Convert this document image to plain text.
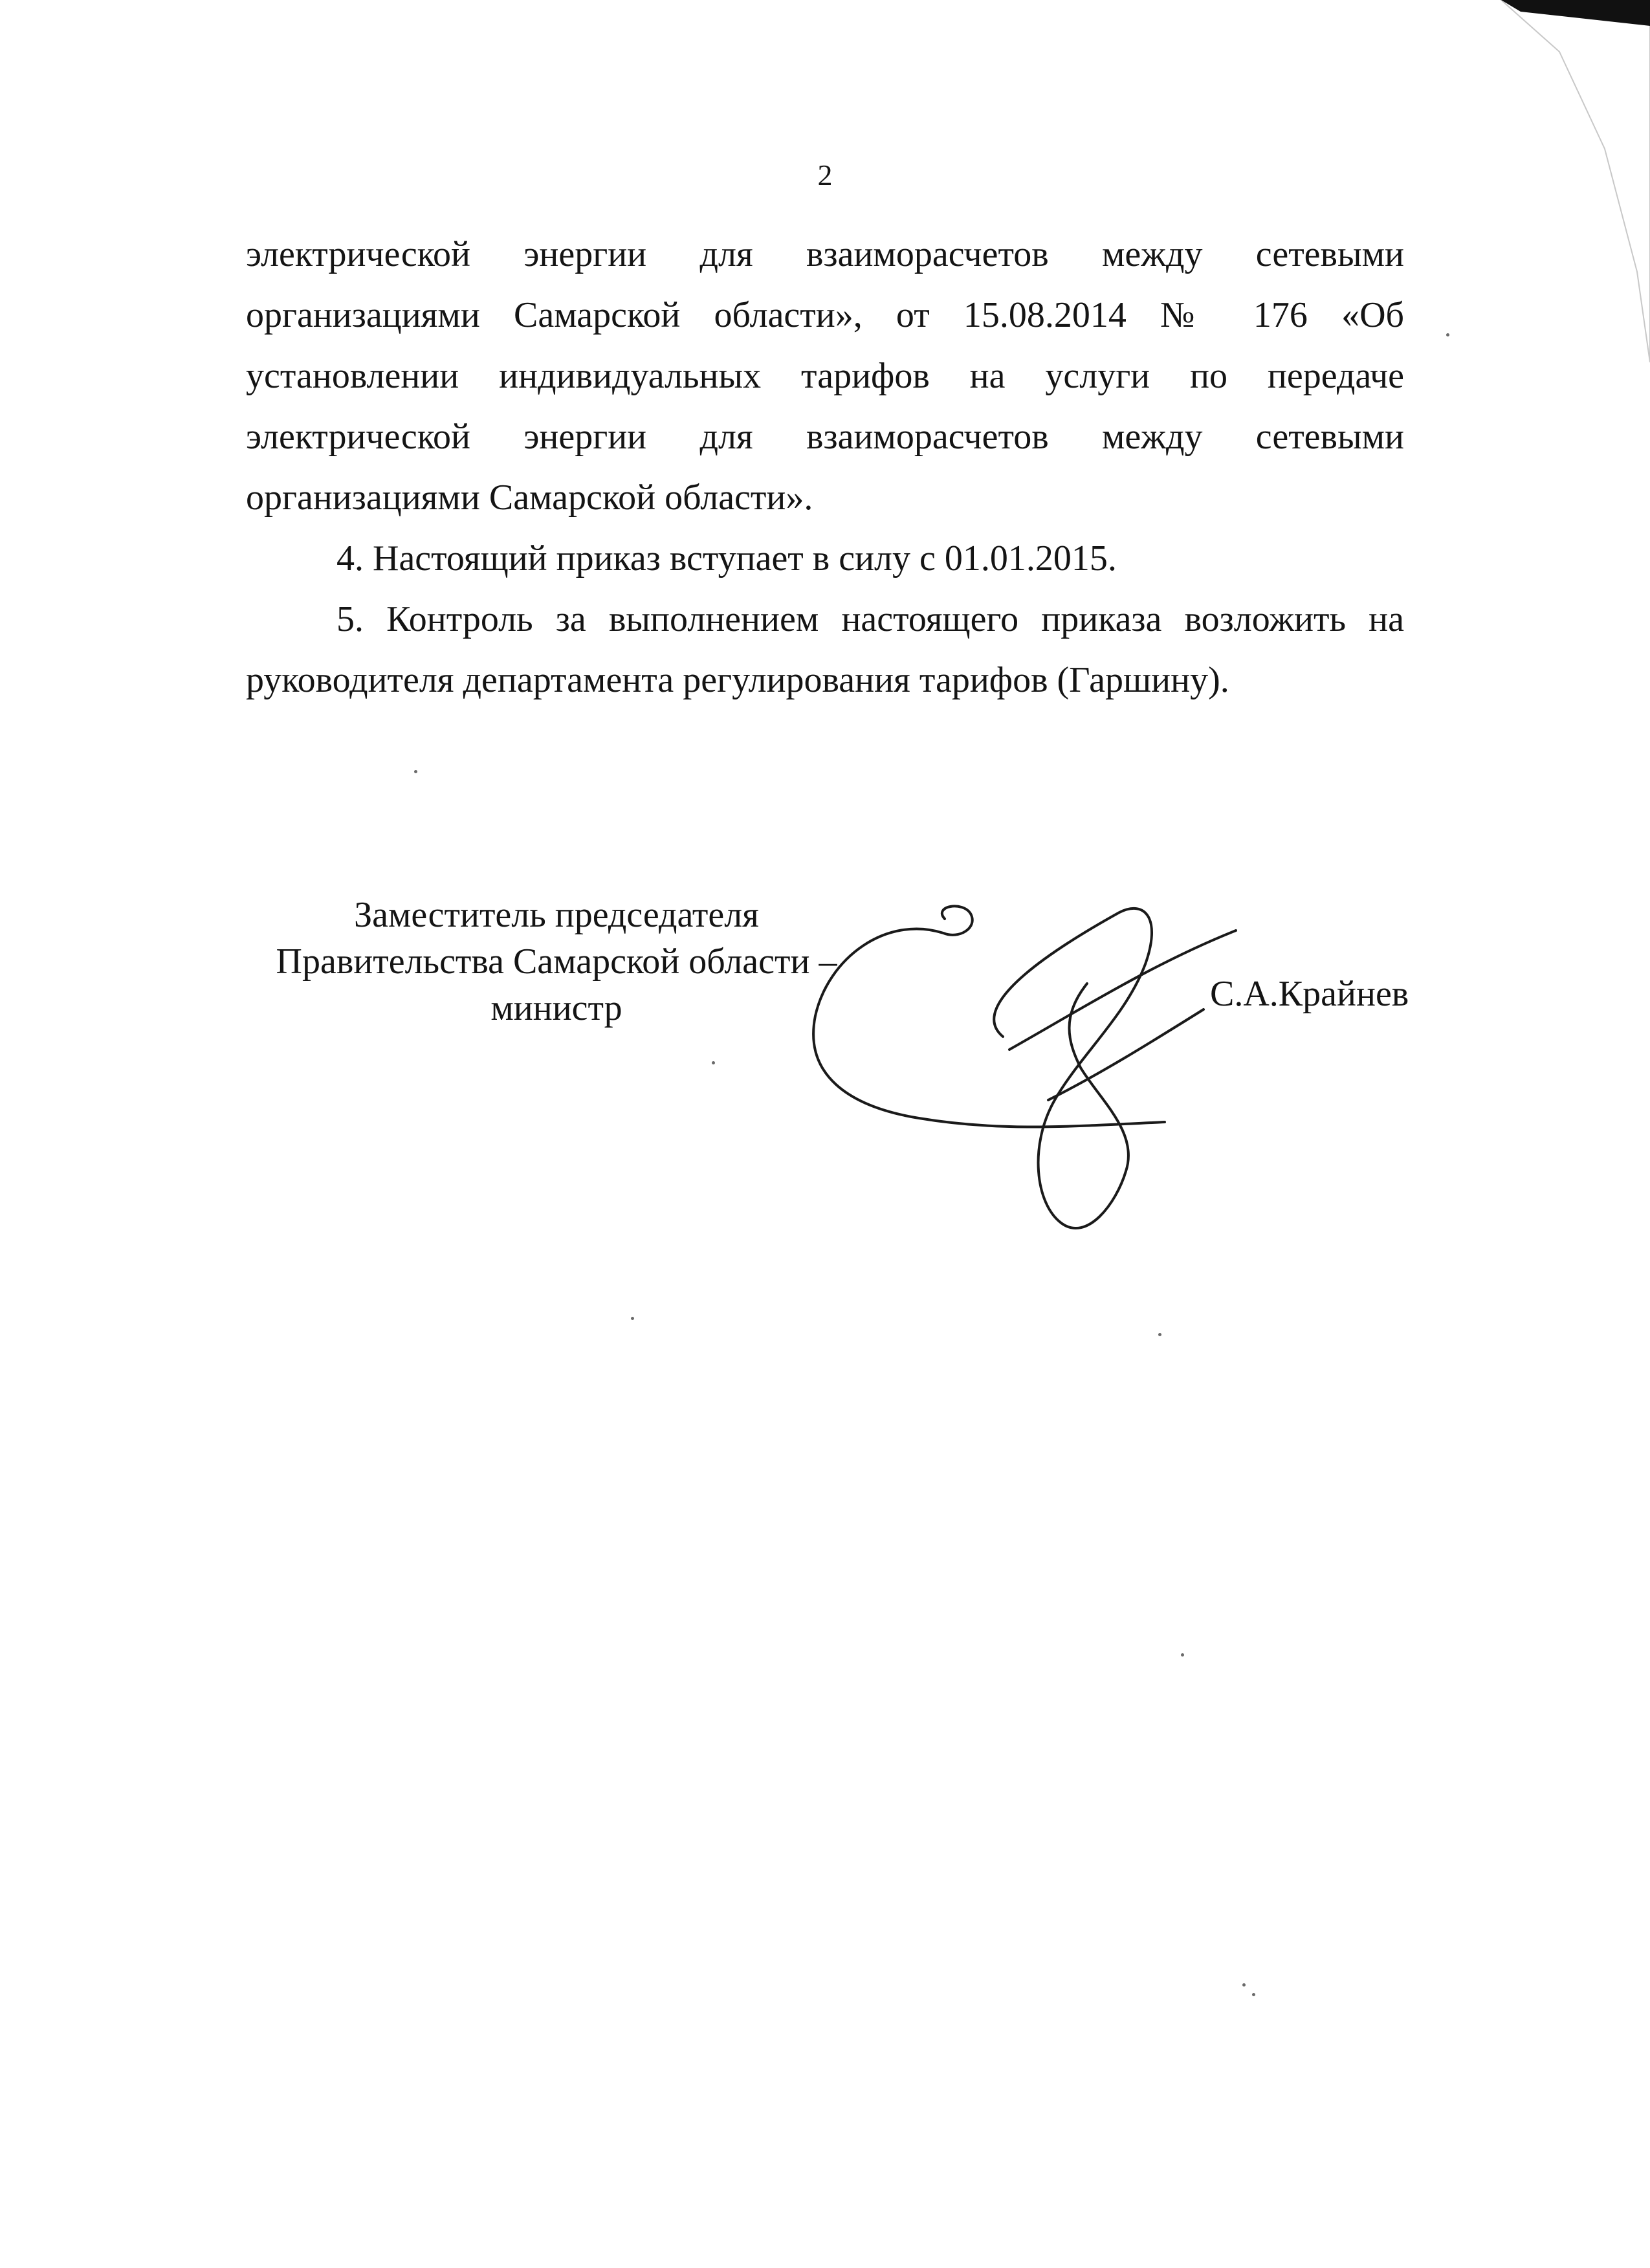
2

электрической энергии для взаиморасчетов между сетевыми
организациями Самарской области», от 15.08.2014 № 176 «Об
установлении индивидуальных тарифов на услуги по передаче
электрической энергии для взаиморасчетов между сетевыми
организациями Самарской области».

4. Настоящий приказ вступает в силу с 01.01.2015.

5. Контроль за выполнением настоящего приказа возложить на
руководителя департамента регулирования тарифов (Гаршину).

Заместитель председателя
Правительства Самарской области –
министр	С.А.Крайнев
